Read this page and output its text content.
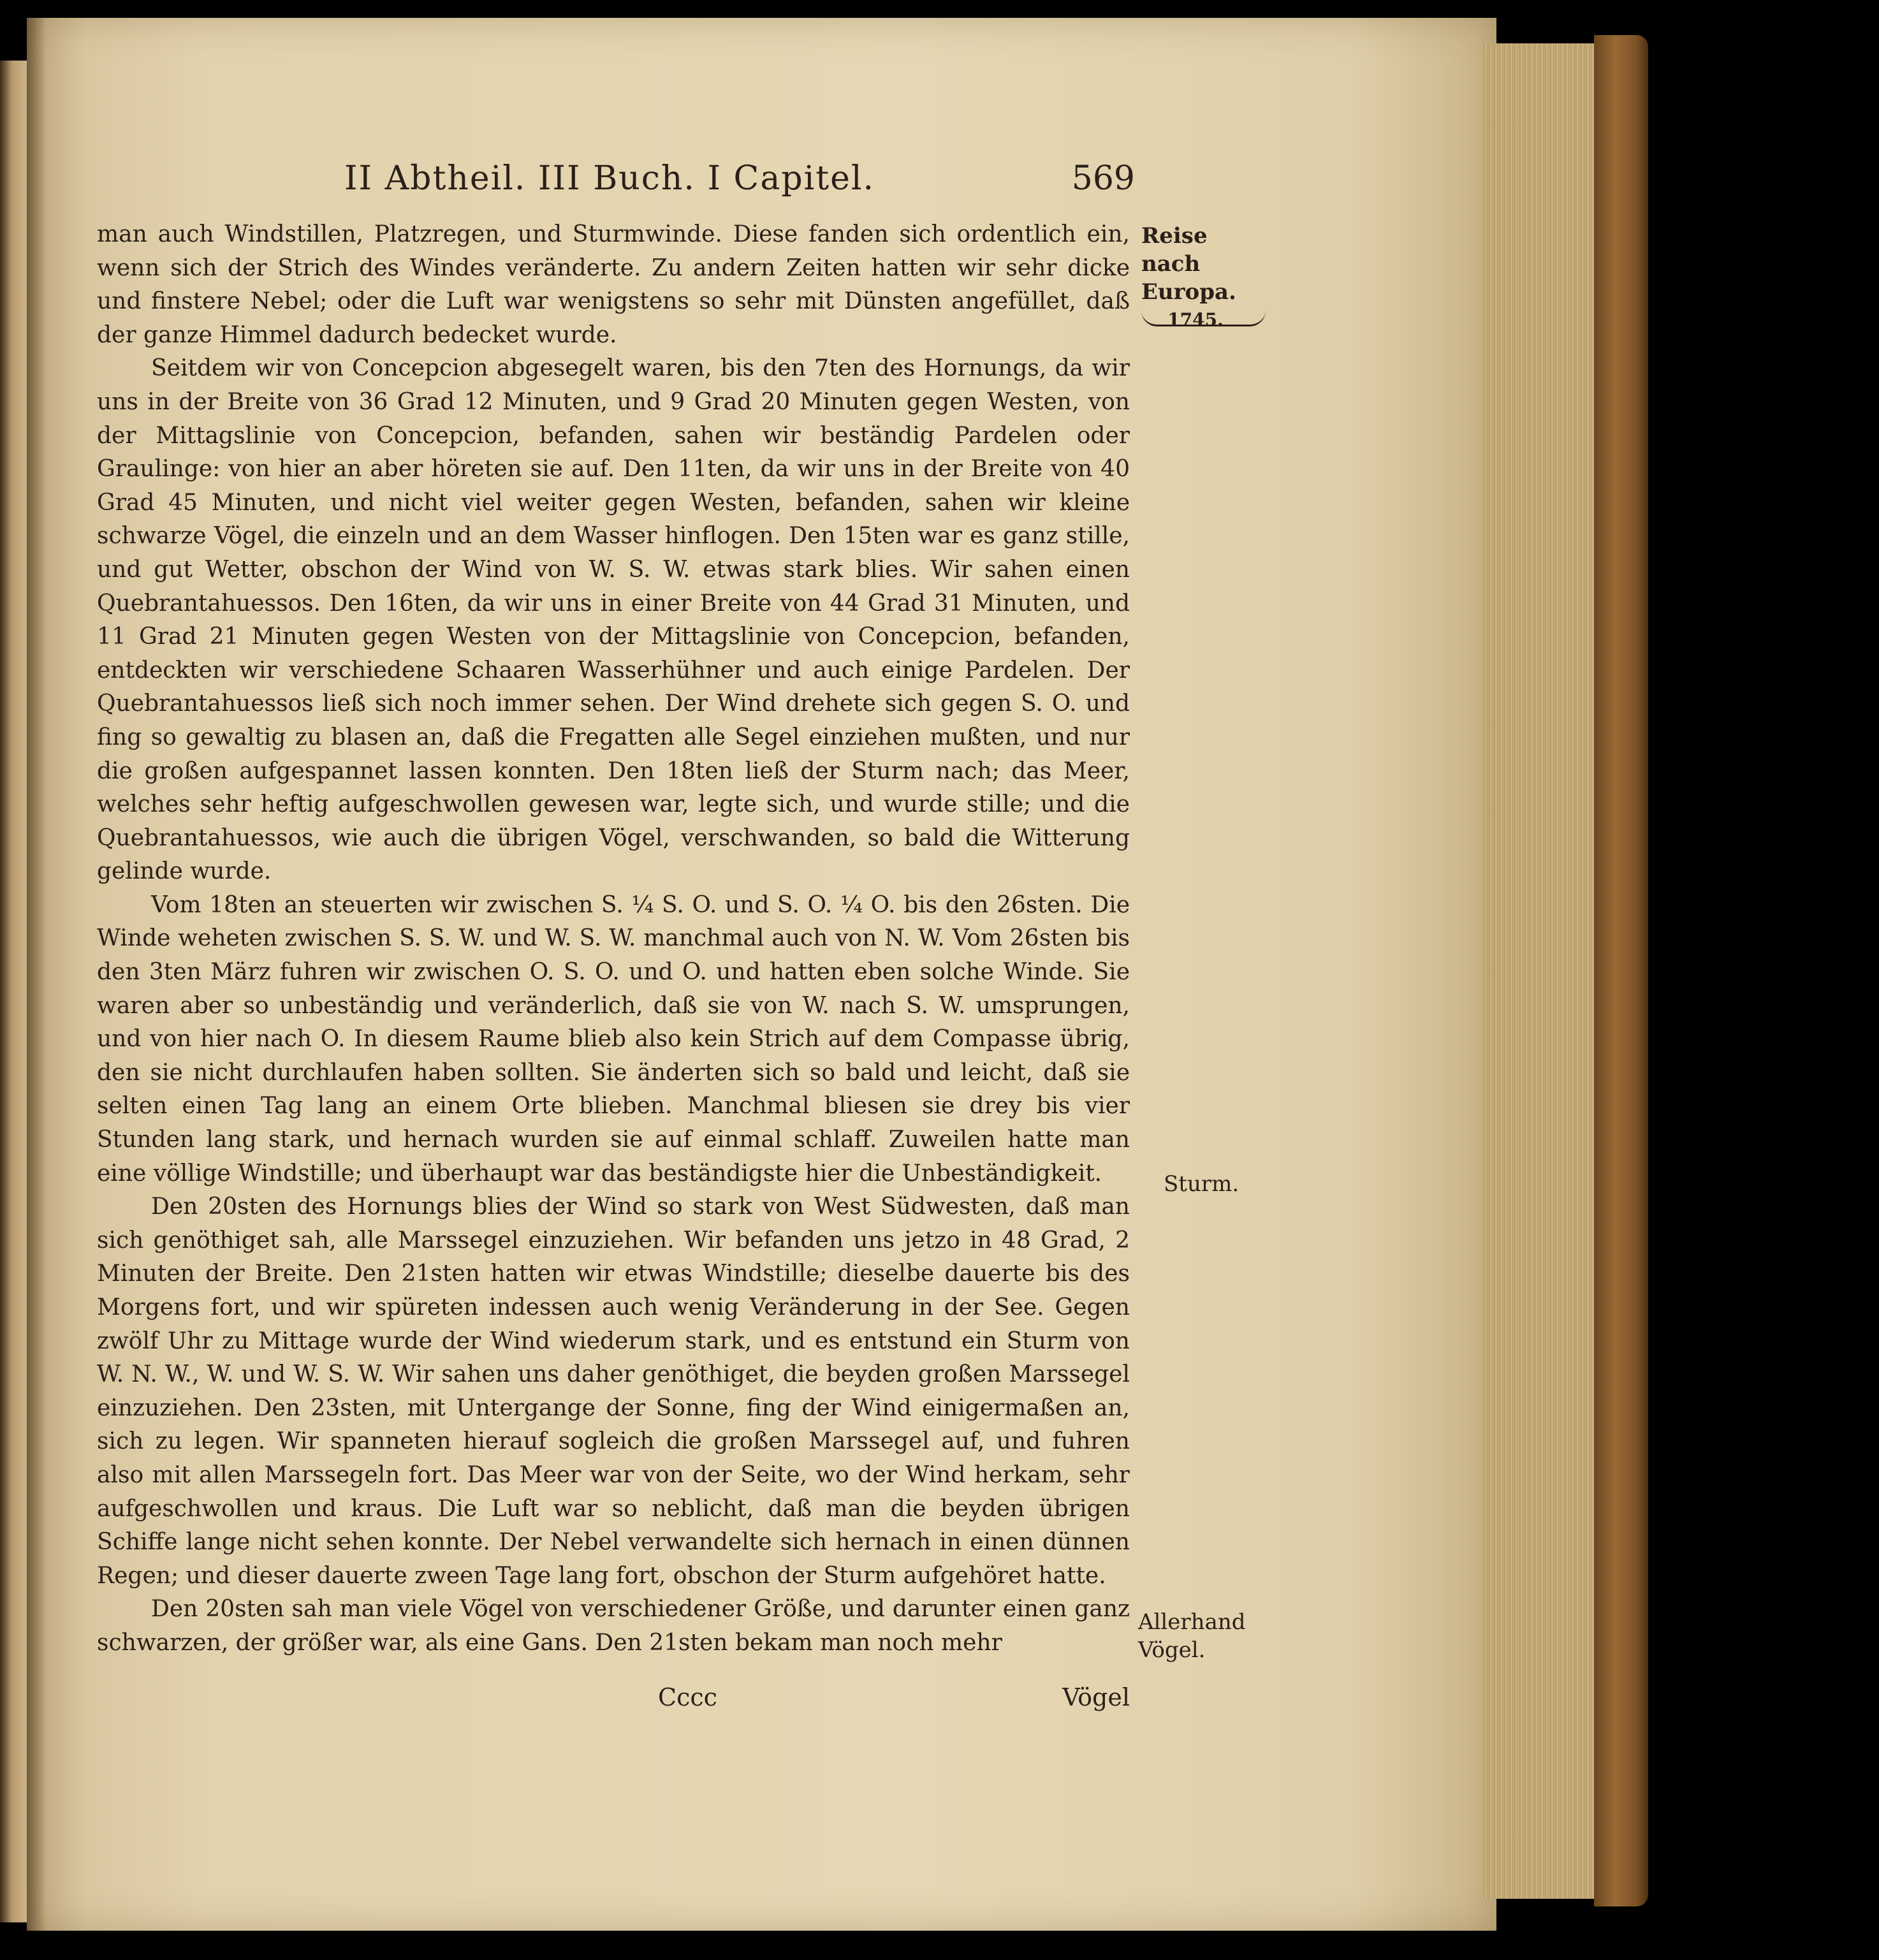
II Abtheil. III Buch. I Capitel.	569
Reise nach
Europa.
1745.

man auch Windstillen, Platzregen, und Sturmwinde. Diese fanden sich ordentlich ein, wenn sich der Strich des Windes veränderte. Zu andern Zeiten hatten wir sehr dicke und finstere Nebel; oder die Luft war wenigstens so sehr mit Dünsten angefüllet, daß der ganze Himmel dadurch bedecket wurde.

Seitdem wir von Concepcion abgesegelt waren, bis den 7ten des Hornungs, da wir uns in der Breite von 36 Grad 12 Minuten, und 9 Grad 20 Minuten gegen Westen, von der Mittagslinie von Concepcion, befanden, sahen wir beständig Pardelen oder Graulinge: von hier an aber höreten sie auf. Den 11ten, da wir uns in der Breite von 40 Grad 45 Minuten, und nicht viel weiter gegen Westen, befanden, sahen wir kleine schwarze Vögel, die einzeln und an dem Wasser hinflogen. Den 15ten war es ganz stille, und gut Wetter, obschon der Wind von W. S. W. etwas stark blies. Wir sahen einen Quebrantahuessos. Den 16ten, da wir uns in einer Breite von 44 Grad 31 Minuten, und 11 Grad 21 Minuten gegen Westen von der Mittagslinie von Concepcion, befanden, entdeckten wir verschiedene Schaaren Wasserhühner und auch einige Pardelen. Der Quebrantahuessos ließ sich noch immer sehen. Der Wind drehete sich gegen S. O. und fing so gewaltig zu blasen an, daß die Fregatten alle Segel einziehen mußten, und nur die großen aufgespannet lassen konnten. Den 18ten ließ der Sturm nach; das Meer, welches sehr heftig aufgeschwollen gewesen war, legte sich, und wurde stille; und die Quebrantahuessos, wie auch die übrigen Vögel, verschwanden, so bald die Witterung gelinde wurde.

Vom 18ten an steuerten wir zwischen S. ¼ S. O. und S. O. ¼ O. bis den 26sten. Die Winde weheten zwischen S. S. W. und W. S. W. manchmal auch von N. W. Vom 26sten bis den 3ten März fuhren wir zwischen O. S. O. und O. und hatten eben solche Winde. Sie waren aber so unbeständig und veränderlich, daß sie von W. nach S. W. umsprungen, und von hier nach O. In diesem Raume blieb also kein Strich auf dem Compasse übrig, den sie nicht durchlaufen haben sollten. Sie änderten sich so bald und leicht, daß sie selten einen Tag lang an einem Orte blieben. Manchmal bliesen sie drey bis vier Stunden lang stark, und hernach wurden sie auf einmal schlaff. Zuweilen hatte man eine völlige Windstille; und überhaupt war das beständigste hier die Unbeständigkeit.

Den 20sten des Hornungs blies der Wind so stark von West Südwesten, daß man sich genöthiget sah, alle Marssegel einzuziehen. Wir befanden uns jetzo in 48 Grad, 2 Minuten der Breite. Den 21sten hatten wir etwas Windstille; dieselbe dauerte bis des Morgens fort, und wir spüreten indessen auch wenig Veränderung in der See. Gegen zwölf Uhr zu Mittage wurde der Wind wiederum stark, und es entstund ein Sturm von W. N. W., W. und W. S. W. Wir sahen uns daher genöthiget, die beyden großen Marssegel einzuziehen. Den 23sten, mit Untergange der Sonne, fing der Wind einigermaßen an, sich zu legen. Wir spanneten hierauf sogleich die großen Marssegel auf, und fuhren also mit allen Marssegeln fort. Das Meer war von der Seite, wo der Wind herkam, sehr aufgeschwollen und kraus. Die Luft war so neblicht, daß man die beyden übrigen Schiffe lange nicht sehen konnte. Der Nebel verwandelte sich hernach in einen dünnen Regen; und dieser dauerte zween Tage lang fort, obschon der Sturm aufgehöret hatte.

Den 20sten sah man viele Vögel von verschiedener Größe, und darunter einen ganz schwarzen, der größer war, als eine Gans. Den 21sten bekam man noch mehr

Sturm.
Allerhand
Vögel.
Cccc	Vögel
